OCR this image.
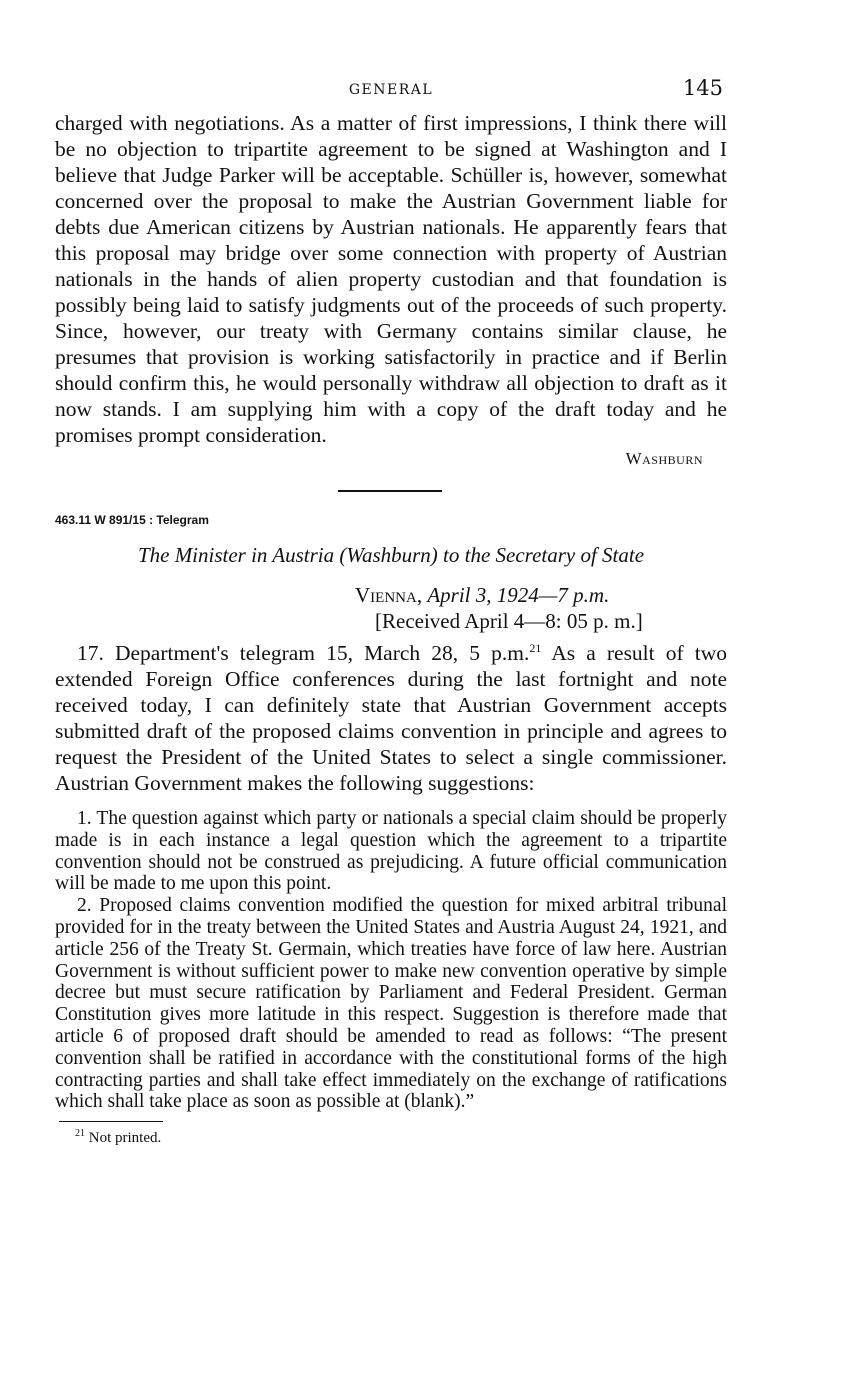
GENERAL	145

charged with negotiations. As a matter of first impressions, I think there will be no objection to tripartite agreement to be signed at Washington and I believe that Judge Parker will be acceptable. Schüller is, however, somewhat concerned over the proposal to make the Austrian Government liable for debts due American citizens by Austrian nationals. He apparently fears that this proposal may bridge over some connection with property of Austrian nationals in the hands of alien property custodian and that foundation is possibly being laid to satisfy judgments out of the proceeds of such property. Since, however, our treaty with Germany contains similar clause, he presumes that provision is working satisfactorily in practice and if Berlin should confirm this, he would personally withdraw all objection to draft as it now stands. I am supplying him with a copy of the draft today and he promises prompt consideration.

Washburn

463.11 W 891/15 : Telegram
The Minister in Austria (Washburn) to the Secretary of State
Vienna, April 3, 1924—7 p.m.
[Received April 4—8: 05 p. m.]

17. Department's telegram 15, March 28, 5 p.m.$^{21}$ As a result of two extended Foreign Office conferences during the last fortnight and note received today, I can definitely state that Austrian Government accepts submitted draft of the proposed claims convention in principle and agrees to request the President of the United States to select a single commissioner. Austrian Government makes the following suggestions:

1. The question against which party or nationals a special claim should be properly made is in each instance a legal question which the agreement to a tripartite convention should not be construed as prejudicing. A future official communication will be made to me upon this point.

2. Proposed claims convention modified the question for mixed arbitral tribunal provided for in the treaty between the United States and Austria August 24, 1921, and article 256 of the Treaty St. Germain, which treaties have force of law here. Austrian Government is without sufficient power to make new convention operative by simple decree but must secure ratification by Parliament and Federal President. German Constitution gives more latitude in this respect. Suggestion is therefore made that article 6 of proposed draft should be amended to read as follows: “The present convention shall be ratified in accordance with the constitutional forms of the high contracting parties and shall take effect immediately on the exchange of ratifications which shall take place as soon as possible at (blank).”

$^{21}$ Not printed.
